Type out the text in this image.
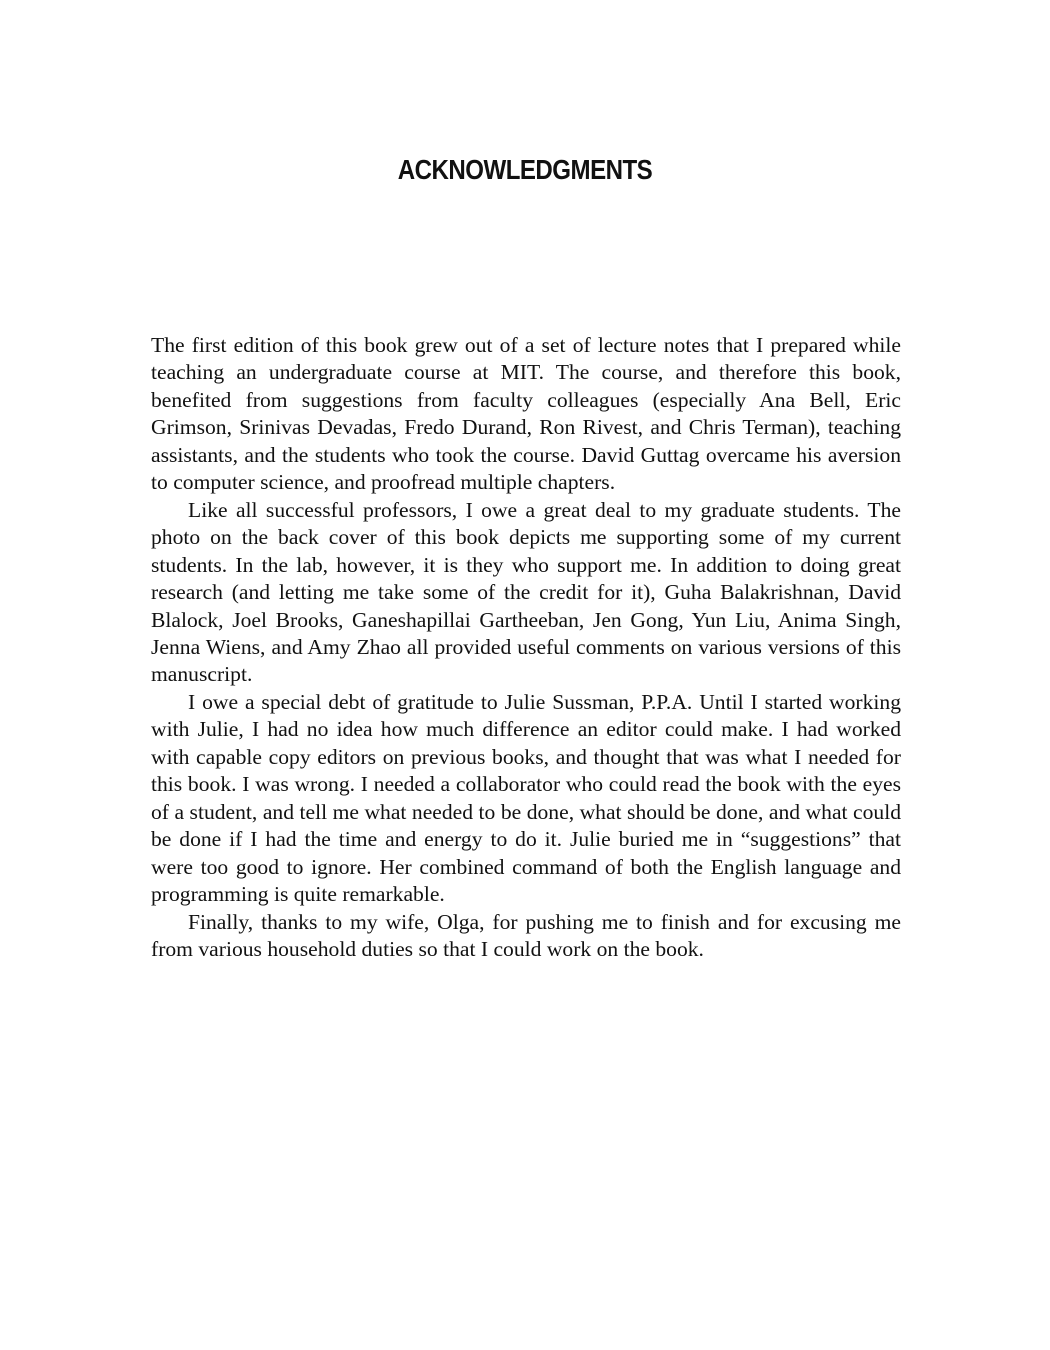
ACKNOWLEDGMENTS

The first edition of this book grew out of a set of lecture notes that I prepared while teaching an undergraduate course at MIT. The course, and therefore this book, benefited from suggestions from faculty colleagues (especially Ana Bell, Eric Grimson, Srinivas Devadas, Fredo Durand, Ron Rivest, and Chris Terman), teaching assistants, and the students who took the course. David Guttag overcame his aversion to computer science, and proofread multiple chapters.

Like all successful professors, I owe a great deal to my graduate students. The photo on the back cover of this book depicts me supporting some of my current students. In the lab, however, it is they who support me. In addition to doing great research (and letting me take some of the credit for it), Guha Balakrishnan, David Blalock, Joel Brooks, Ganeshapillai Gartheeban, Jen Gong, Yun Liu, Anima Singh, Jenna Wiens, and Amy Zhao all provided useful comments on various versions of this manuscript.

I owe a special debt of gratitude to Julie Sussman, P.P.A. Until I started working with Julie, I had no idea how much difference an editor could make. I had worked with capable copy editors on previous books, and thought that was what I needed for this book. I was wrong. I needed a collaborator who could read the book with the eyes of a student, and tell me what needed to be done, what should be done, and what could be done if I had the time and energy to do it. Julie buried me in “suggestions” that were too good to ignore. Her combined command of both the English language and programming is quite remarkable.

Finally, thanks to my wife, Olga, for pushing me to finish and for excusing me from various household duties so that I could work on the book.
